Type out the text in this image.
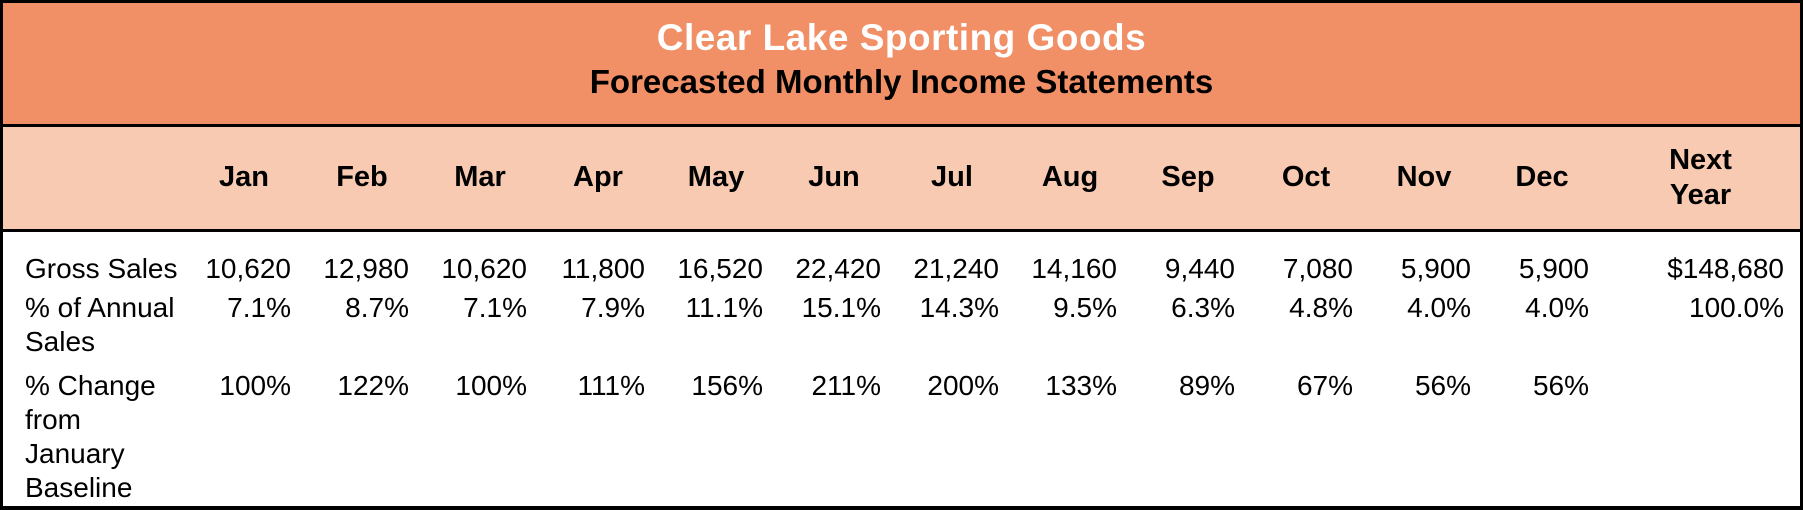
Clear Lake Sporting Goods
Forecasted Monthly Income Statements
	Jan	Feb	Mar	Apr	May	Jun	Jul	Aug	Sep	Oct	Nov	Dec	Next Year
Gross Sales	10,620	12,980	10,620	11,800	16,520	22,420	21,240	14,160	9,440	7,080	5,900	5,900	$148,680
% of Annual Sales	7.1%	8.7%	7.1%	7.9%	11.1%	15.1%	14.3%	9.5%	6.3%	4.8%	4.0%	4.0%	100.0%
% Change from January Baseline	100%	122%	100%	111%	156%	211%	200%	133%	89%	67%	56%	56%	
